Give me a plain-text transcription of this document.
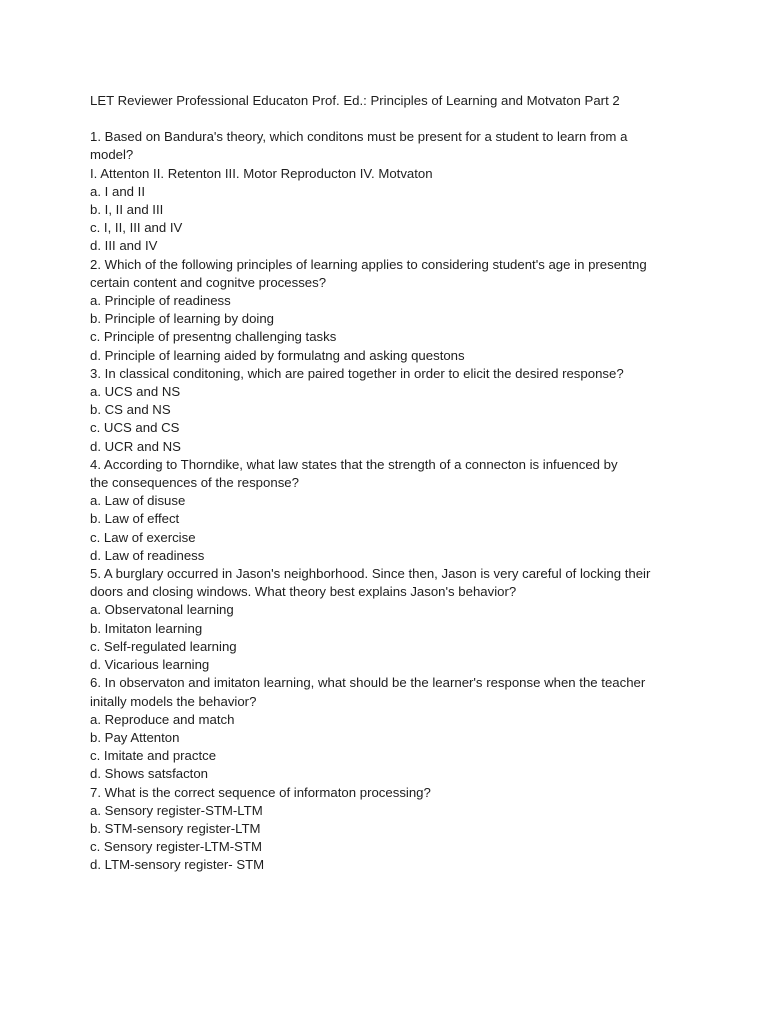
LET Reviewer Professional Educaton Prof. Ed.: Principles of Learning and Motvaton Part 2

1. Based on Bandura's theory, which conditons must be present for a student to learn from a

model?

I. Attenton II. Retenton III. Motor Reproducton IV. Motvaton

a. I and II

b. I, II and III

c. I, II, III and IV

d. III and IV

2. Which of the following principles of learning applies to considering student's age in presentng

certain content and cognitve processes?

a. Principle of readiness

b. Principle of learning by doing

c. Principle of presentng challenging tasks

d. Principle of learning aided by formulatng and asking questons

3. In classical conditoning, which are paired together in order to elicit the desired response?

a. UCS and NS

b. CS and NS

c. UCS and CS

d. UCR and NS

4. According to Thorndike, what law states that the strength of a connecton is infuenced by

the consequences of the response?

a. Law of disuse

b. Law of effect

c. Law of exercise

d. Law of readiness

5. A burglary occurred in Jason's neighborhood. Since then, Jason is very careful of locking their

doors and closing windows. What theory best explains Jason's behavior?

a. Observatonal learning

b. Imitaton learning

c. Self-regulated learning

d. Vicarious learning

6. In observaton and imitaton learning, what should be the learner's response when the teacher

initally models the behavior?

a. Reproduce and match

b. Pay Attenton

c. Imitate and practce

d. Shows satsfacton

7. What is the correct sequence of informaton processing?

a. Sensory register-STM-LTM

b. STM-sensory register-LTM

c. Sensory register-LTM-STM

d. LTM-sensory register- STM
